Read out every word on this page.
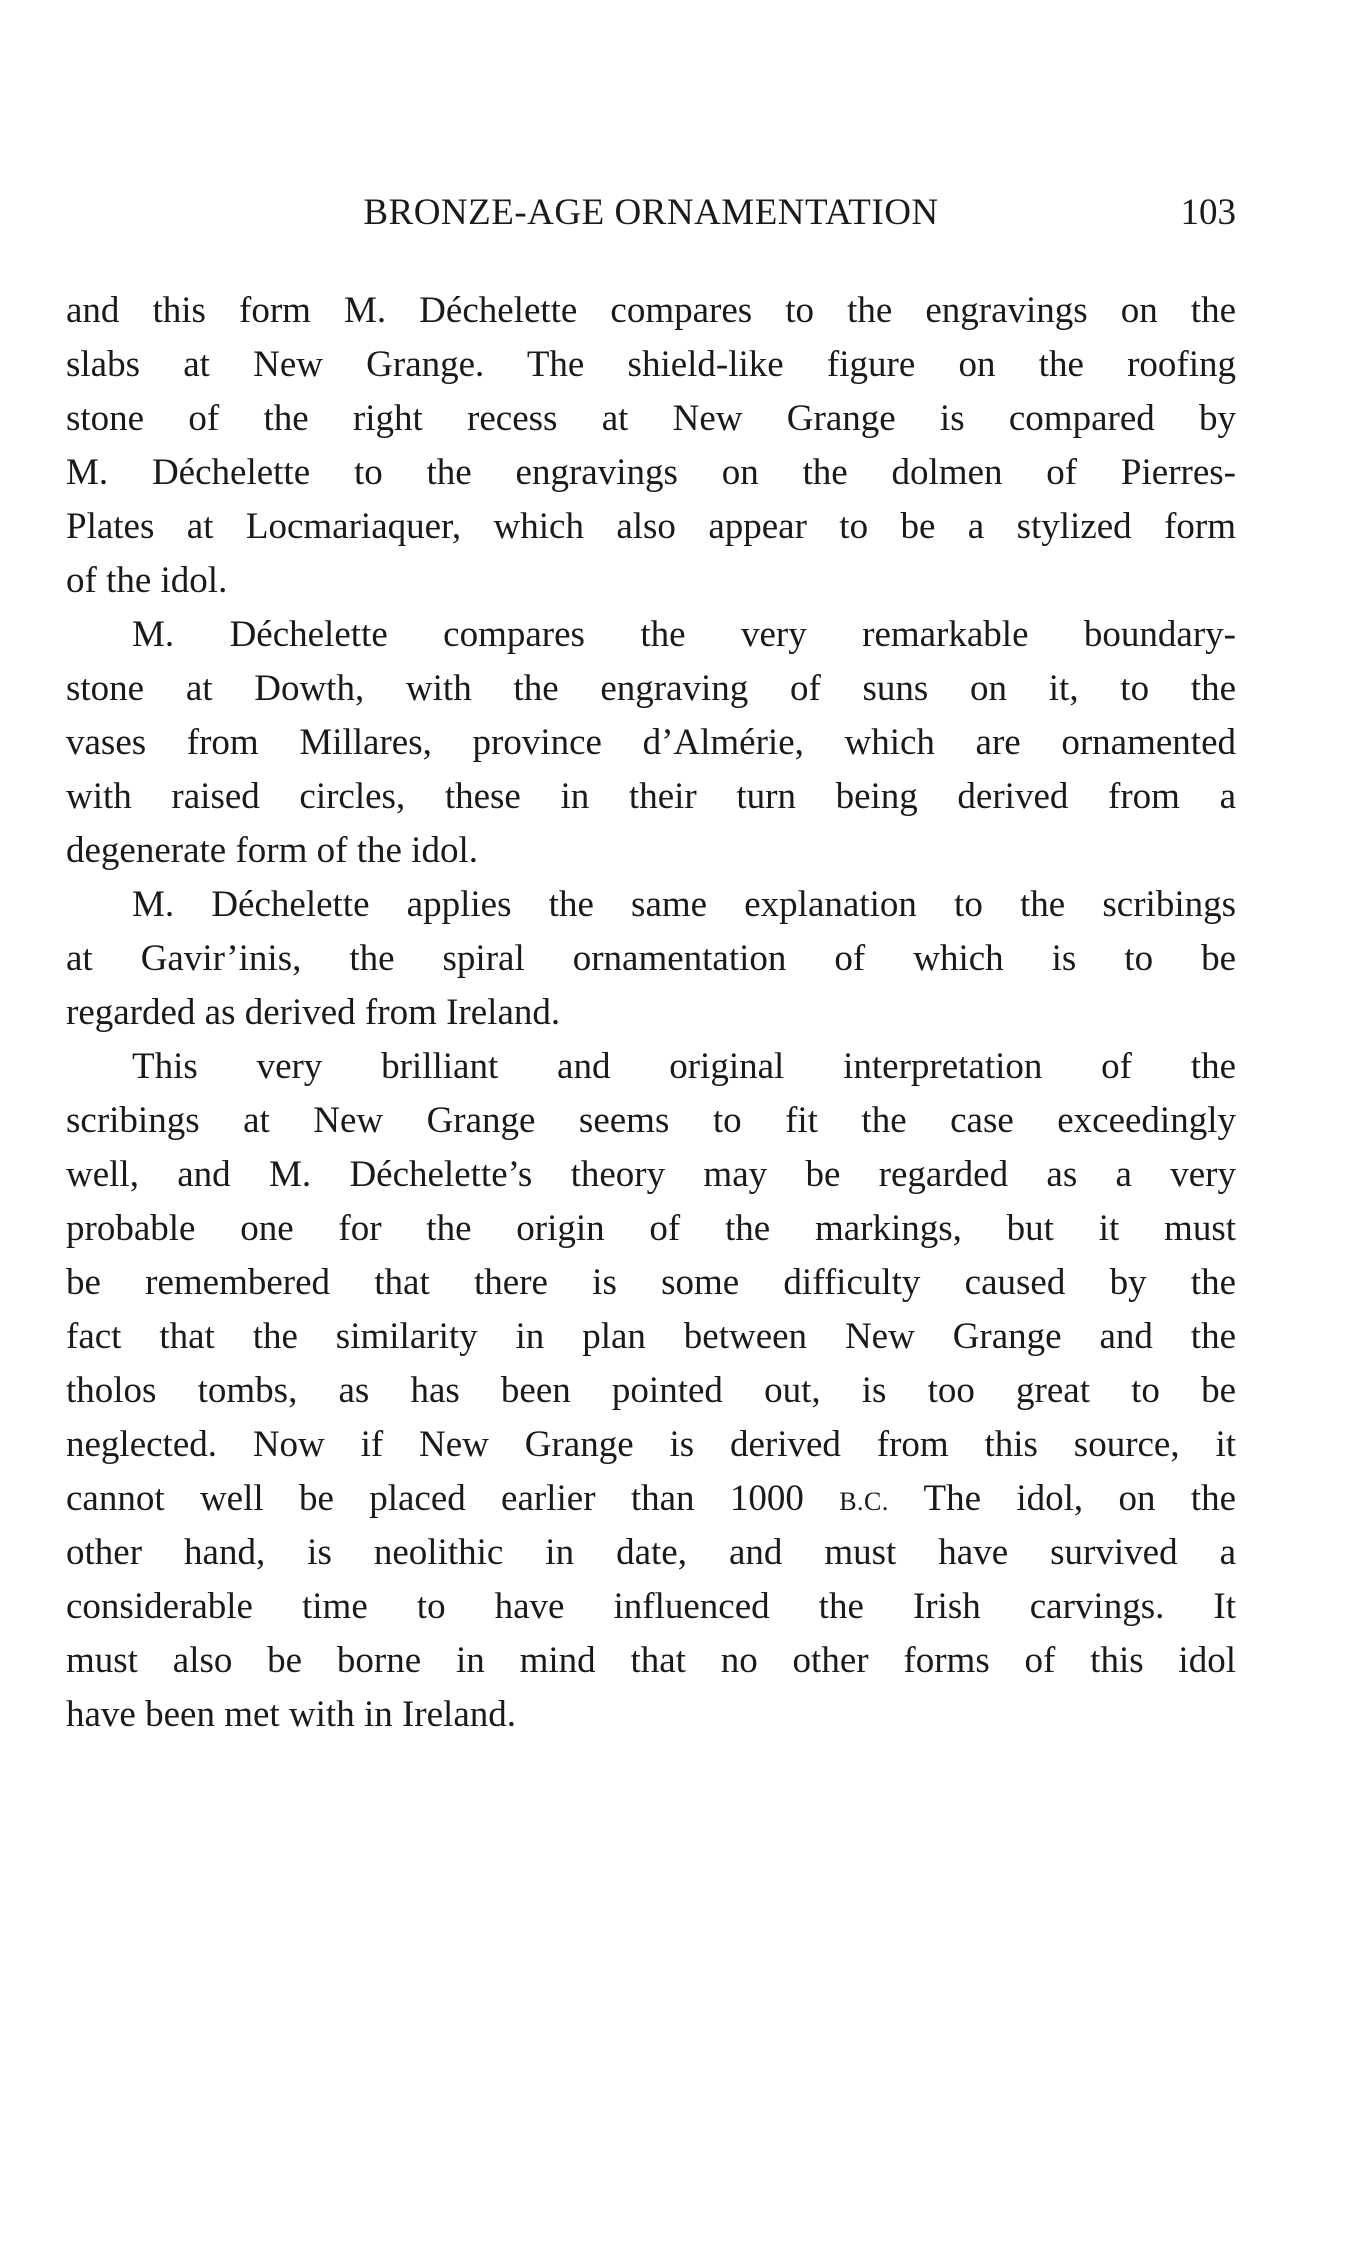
BRONZE-AGE ORNAMENTATION	103
and this form M. Déchelette compares to the engravings on the
slabs at New Grange. The shield-like figure on the roofing
stone of the right recess at New Grange is compared by
M. Déchelette to the engravings on the dolmen of Pierres-
Plates at Locmariaquer, which also appear to be a stylized form
of the idol.
M. Déchelette compares the very remarkable boundary-
stone at Dowth, with the engraving of suns on it, to the
vases from Millares, province d’Almérie, which are ornamented
with raised circles, these in their turn being derived from a
degenerate form of the idol.
M. Déchelette applies the same explanation to the scribings
at Gavir’inis, the spiral ornamentation of which is to be
regarded as derived from Ireland.
This very brilliant and original interpretation of the
scribings at New Grange seems to fit the case exceedingly
well, and M. Déchelette’s theory may be regarded as a very
probable one for the origin of the markings, but it must
be remembered that there is some difficulty caused by the
fact that the similarity in plan between New Grange and the
tholos tombs, as has been pointed out, is too great to be
neglected. Now if New Grange is derived from this source, it
cannot well be placed earlier than 1000 B.C. The idol, on the
other hand, is neolithic in date, and must have survived a
considerable time to have influenced the Irish carvings. It
must also be borne in mind that no other forms of this idol
have been met with in Ireland.
